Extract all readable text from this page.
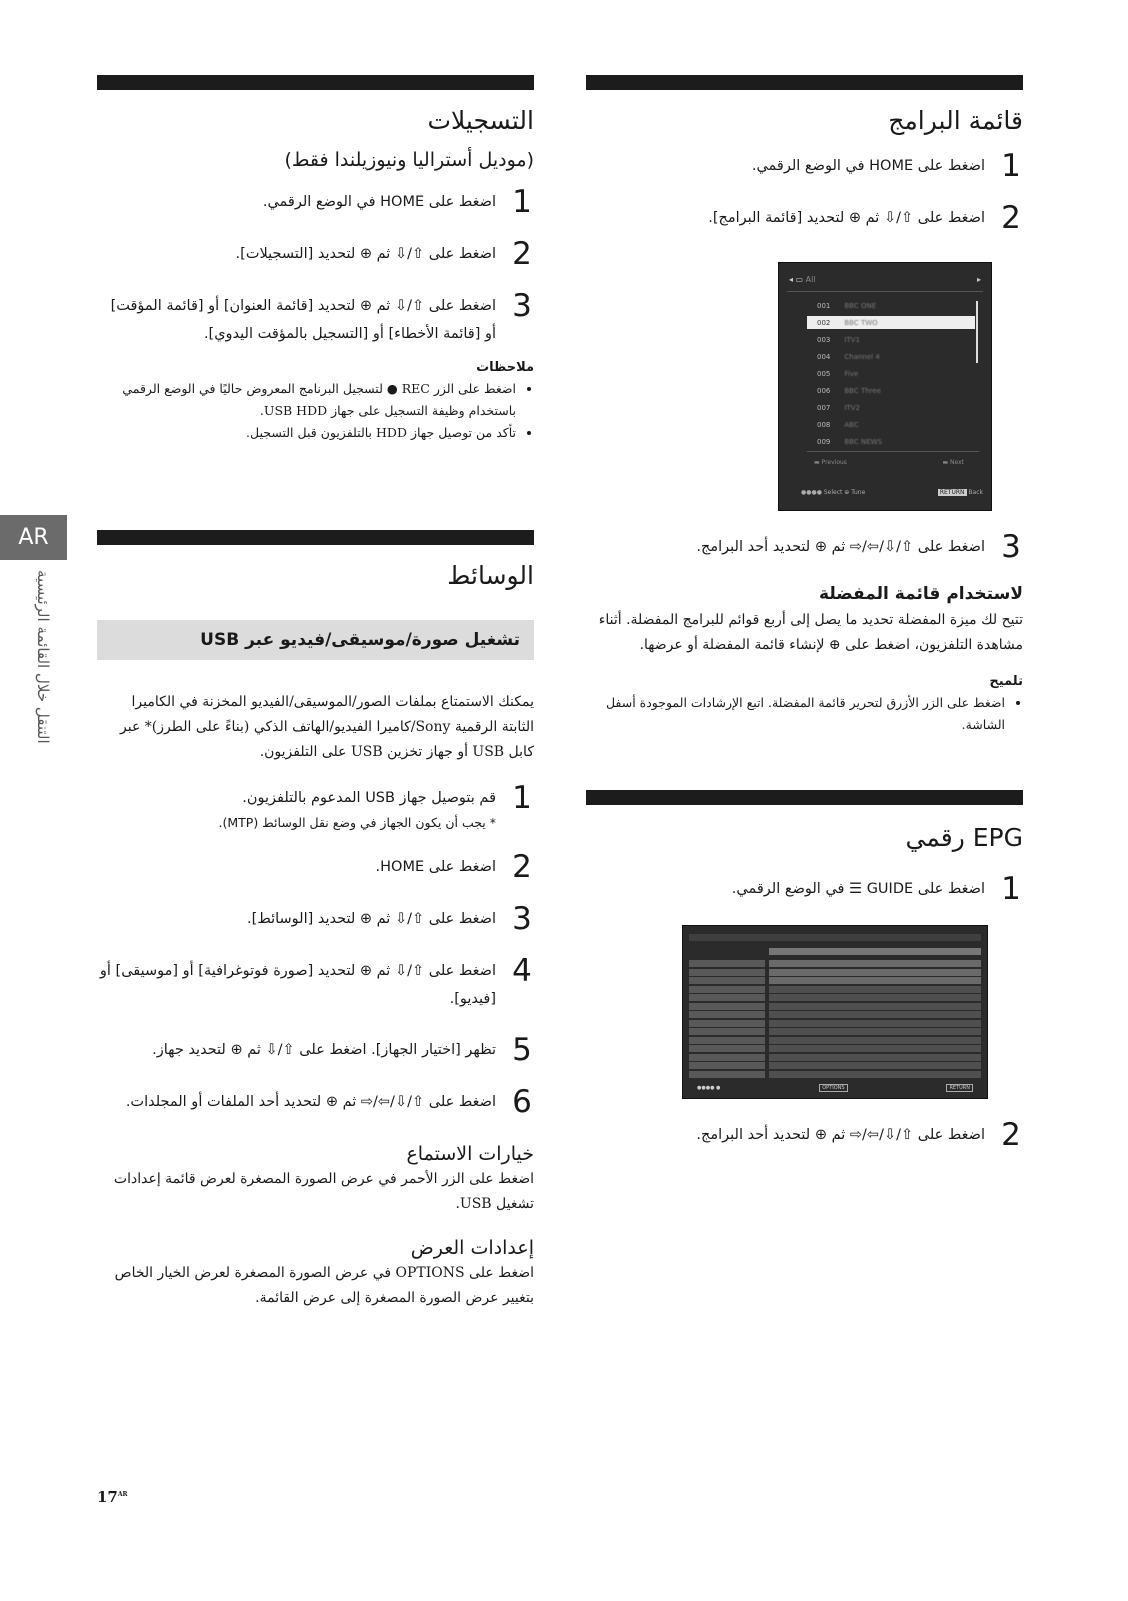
AR
التنقل خلال القائمة الرئيسية
قائمة البرامج
1
اضغط على HOME في الوضع الرقمي.
2
اضغط على ⇧/⇩ ثم ⊕ لتحديد [قائمة البرامج].
◂ ▭ All	▸
001 BBC ONE
002 BBC TWO
003 ITV1
004 Channel 4
005 Five
006 BBC Three
007 ITV2
008 ABC
009 BBC NEWS
▬ Previous	▬ Next
●●●● Select ⊕ Tune	RETURN Back
3
اضغط على ⇧/⇩/⇦/⇨ ثم ⊕ لتحديد أحد البرامج.
لاستخدام قائمة المفضلة
تتيح لك ميزة المفضلة تحديد ما يصل إلى أربع قوائم للبرامج المفضلة. أثناء مشاهدة التلفزيون، اضغط على ⊕ لإنشاء قائمة المفضلة أو عرضها.
تلميح
• اضغط على الزر الأزرق لتحرير قائمة المفضلة. اتبع الإرشادات الموجودة أسفل الشاشة.
EPG رقمي
1
اضغط على GUIDE ☰ في الوضع الرقمي.
●●●● ●	OPTIONS	RETURN
2
اضغط على ⇧/⇩/⇦/⇨ ثم ⊕ لتحديد أحد البرامج.
التسجيلات
(موديل أستراليا ونيوزيلندا فقط)
1
اضغط على HOME في الوضع الرقمي.
2
اضغط على ⇧/⇩ ثم ⊕ لتحديد [التسجيلات].
3
اضغط على ⇧/⇩ ثم ⊕ لتحديد [قائمة العنوان] أو [قائمة المؤقت] أو [قائمة الأخطاء] أو [التسجيل بالمؤقت اليدوي].
ملاحظات
• اضغط على الزر REC ● لتسجيل البرنامج المعروض حاليًا في الوضع الرقمي باستخدام وظيفة التسجيل على جهاز USB HDD.
• تأكد من توصيل جهاز HDD بالتلفزيون قبل التسجيل.
الوسائط
تشغيل صورة/موسيقى/فيديو عبر USB
يمكنك الاستمتاع بملفات الصور/الموسيقى/الفيديو المخزنة في الكاميرا الثابتة الرقمية Sony/كاميرا الفيديو/الهاتف الذكي (بناءً على الطرز)* عبر كابل USB أو جهاز تخزين USB على التلفزيون.
1
قم بتوصيل جهاز USB المدعوم بالتلفزيون.
* يجب أن يكون الجهاز في وضع نقل الوسائط (MTP).
2
اضغط على HOME.
3
اضغط على ⇧/⇩ ثم ⊕ لتحديد [الوسائط].
4
اضغط على ⇧/⇩ ثم ⊕ لتحديد [صورة فوتوغرافية] أو [موسيقى] أو [فيديو].
5
تظهر [اختيار الجهاز]. اضغط على ⇧/⇩ ثم ⊕ لتحديد جهاز.
6
اضغط على ⇧/⇩/⇦/⇨ ثم ⊕ لتحديد أحد الملفات أو المجلدات.
خيارات الاستماع
اضغط على الزر الأحمر في عرض الصورة المصغرة لعرض قائمة إعدادات تشغيل USB.
إعدادات العرض
اضغط على OPTIONS في عرض الصورة المصغرة لعرض الخيار الخاص بتغيير عرض الصورة المصغرة إلى عرض القائمة.
$17^{AR}$
